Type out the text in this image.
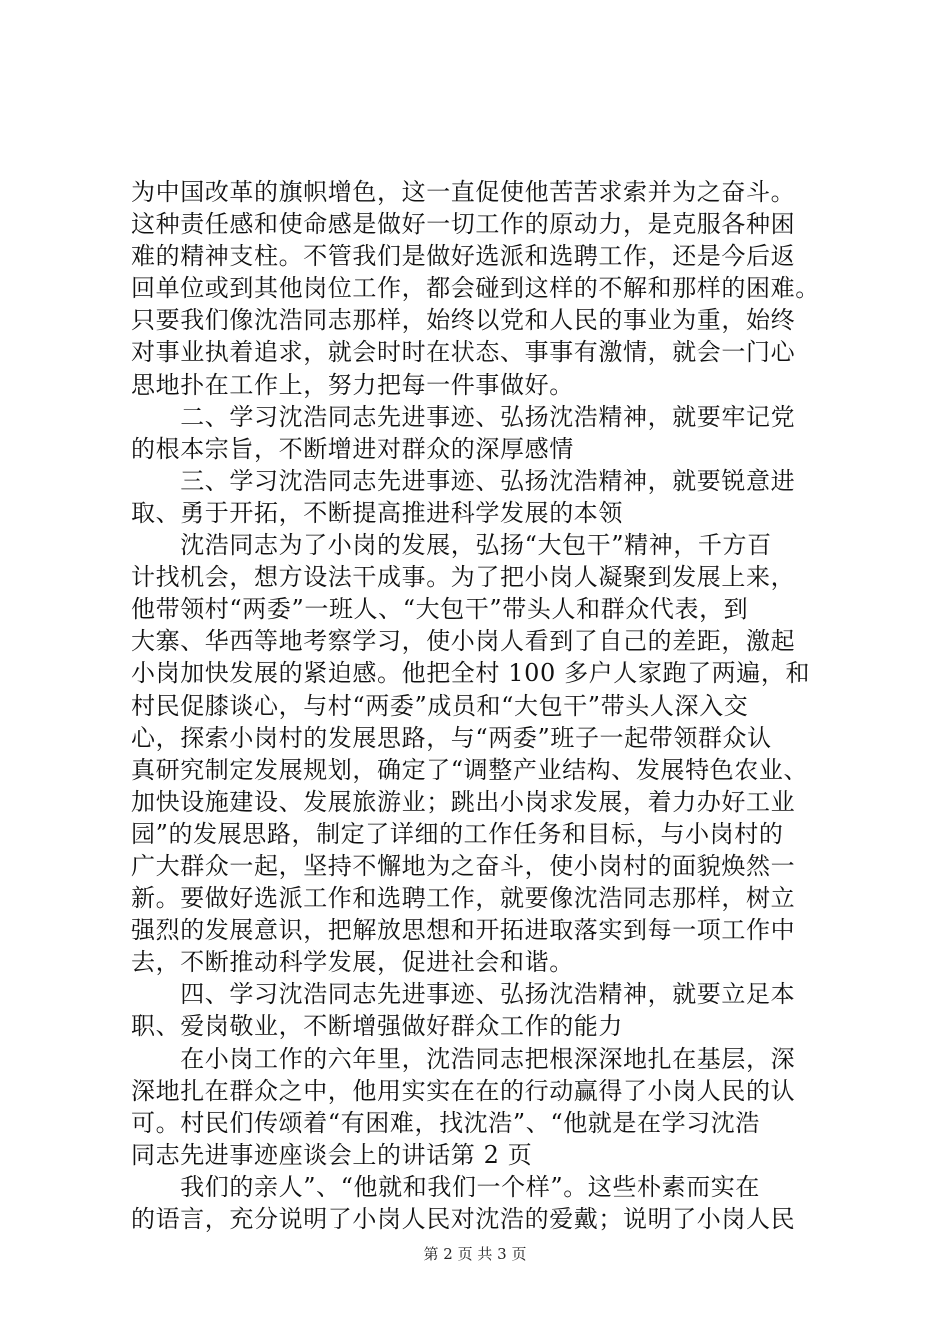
为中国改革的旗帜增色，这一直促使他苦苦求索并为之奋斗。
这种责任感和使命感是做好一切工作的原动力，是克服各种困
难的精神支柱。不管我们是做好选派和选聘工作，还是今后返
回单位或到其他岗位工作，都会碰到这样的不解和那样的困难。
只要我们像沈浩同志那样，始终以党和人民的事业为重，始终
对事业执着追求，就会时时在状态、事事有激情，就会一门心
思地扑在工作上，努力把每一件事做好。
　　二、学习沈浩同志先进事迹、弘扬沈浩精神，就要牢记党
的根本宗旨，不断增进对群众的深厚感情
　　三、学习沈浩同志先进事迹、弘扬沈浩精神，就要锐意进
取、勇于开拓，不断提高推进科学发展的本领
　　沈浩同志为了小岗的发展，弘扬“大包干”精神，千方百
计找机会，想方设法干成事。为了把小岗人凝聚到发展上来，
他带领村“两委”一班人、“大包干”带头人和群众代表，到
大寨、华西等地考察学习，使小岗人看到了自己的差距，激起
小岗加快发展的紧迫感。他把全村 100 多户人家跑了两遍，和
村民促膝谈心，与村“两委”成员和“大包干”带头人深入交
心，探索小岗村的发展思路，与“两委”班子一起带领群众认
真研究制定发展规划，确定了“调整产业结构、发展特色农业、
加快设施建设、发展旅游业；跳出小岗求发展，着力办好工业
园”的发展思路，制定了详细的工作任务和目标，与小岗村的
广大群众一起，坚持不懈地为之奋斗，使小岗村的面貌焕然一
新。要做好选派工作和选聘工作，就要像沈浩同志那样，树立
强烈的发展意识，把解放思想和开拓进取落实到每一项工作中
去，不断推动科学发展，促进社会和谐。
　　四、学习沈浩同志先进事迹、弘扬沈浩精神，就要立足本
职、爱岗敬业，不断增强做好群众工作的能力
　　在小岗工作的六年里，沈浩同志把根深深地扎在基层，深
深地扎在群众之中，他用实实在在的行动赢得了小岗人民的认
可。村民们传颂着“有困难，找沈浩”、“他就是在学习沈浩
同志先进事迹座谈会上的讲话第 2 页
　　我们的亲人”、“他就和我们一个样”。这些朴素而实在
的语言，充分说明了小岗人民对沈浩的爱戴；说明了小岗人民
第 2 页 共 3 页
